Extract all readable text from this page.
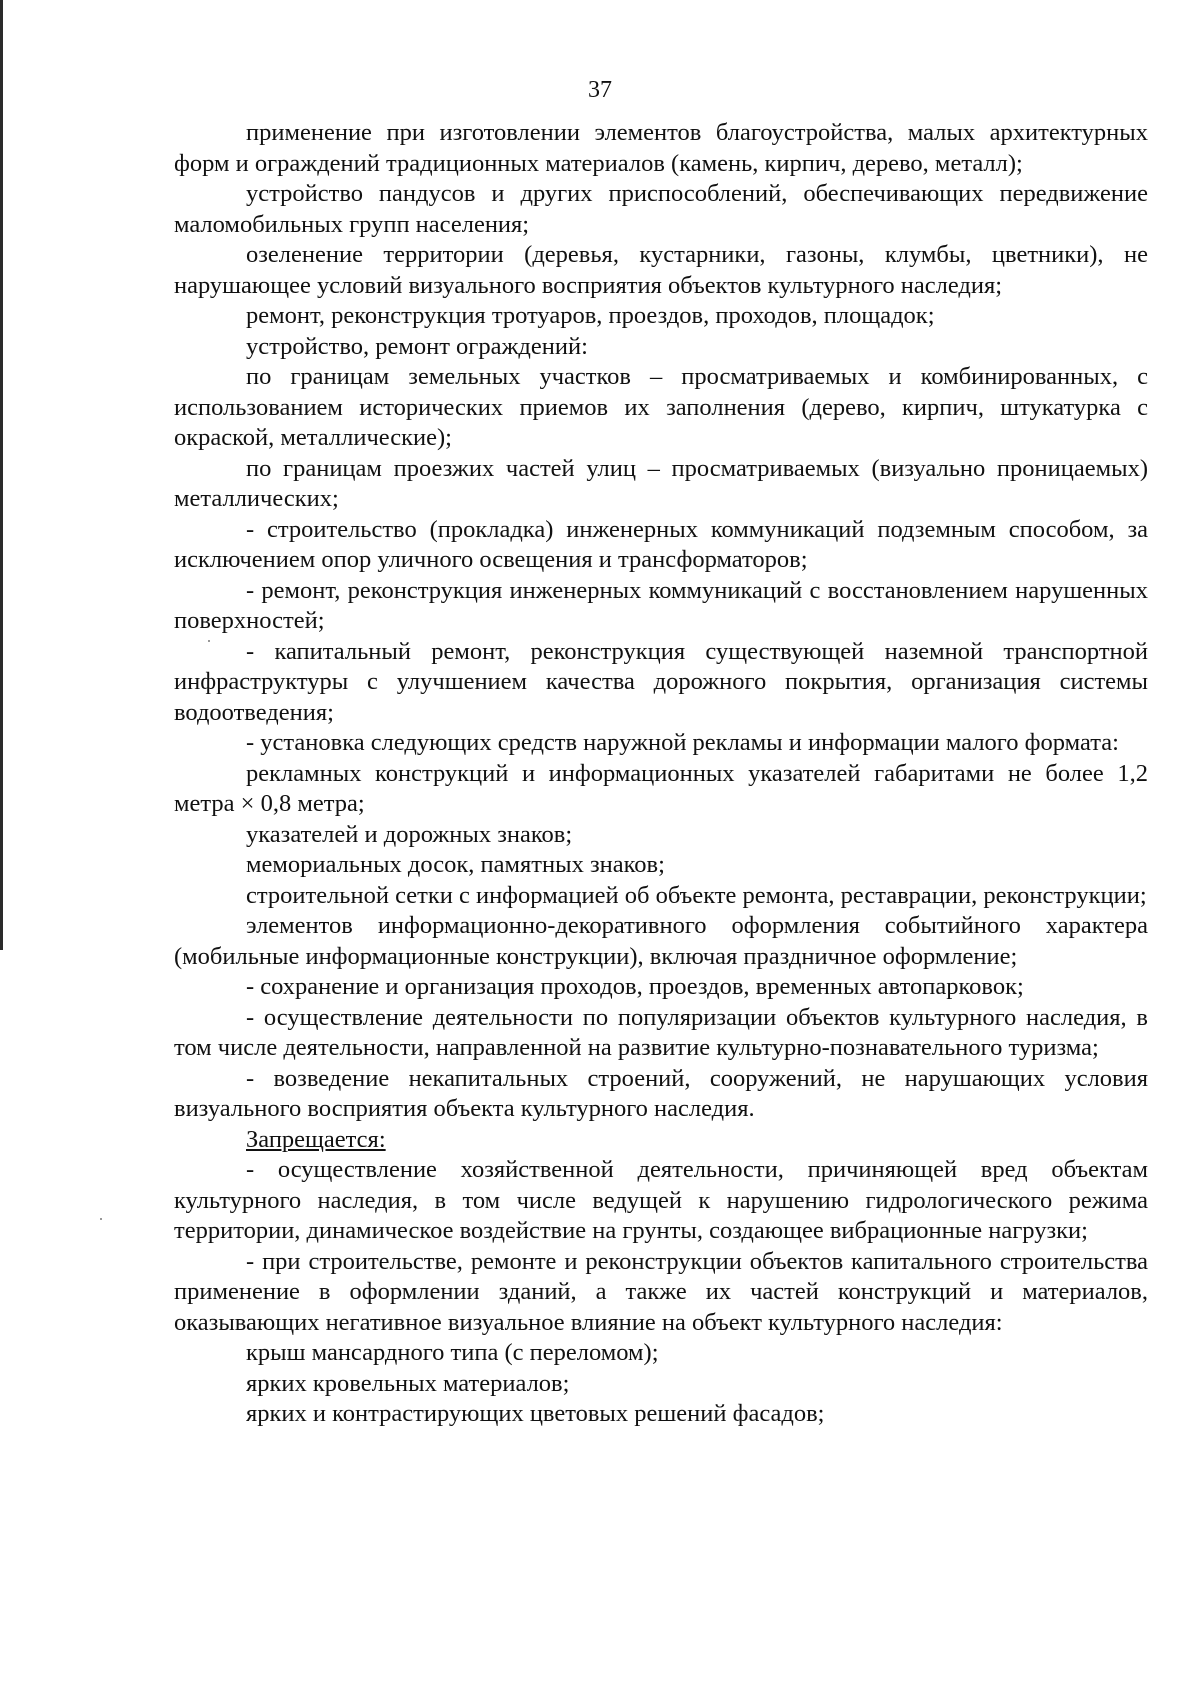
37

применение при изготовлении элементов благоустройства, малых архитектурных форм и ограждений традиционных материалов (камень, кирпич, дерево, металл);

устройство пандусов и других приспособлений, обеспечивающих передвижение маломобильных групп населения;

озеленение территории (деревья, кустарники, газоны, клумбы, цветники), не нарушающее условий визуального восприятия объектов культурного наследия;

ремонт, реконструкция тротуаров, проездов, проходов, площадок;

устройство, ремонт ограждений:

по границам земельных участков – просматриваемых и комбинированных, с использованием исторических приемов их заполнения (дерево, кирпич, штукатурка с окраской, металлические);

по границам проезжих частей улиц – просматриваемых (визуально проницаемых) металлических;

- строительство (прокладка) инженерных коммуникаций подземным способом, за исключением опор уличного освещения и трансформаторов;

- ремонт, реконструкция инженерных коммуникаций с восстановлением нарушенных поверхностей;

- капитальный ремонт, реконструкция существующей наземной транспортной инфраструктуры с улучшением качества дорожного покрытия, организация системы водоотведения;

- установка следующих средств наружной рекламы и информации малого формата:

рекламных конструкций и информационных указателей габаритами не более 1,2 метра × 0,8 метра;

указателей и дорожных знаков;

мемориальных досок, памятных знаков;

строительной сетки с информацией об объекте ремонта, реставрации, реконструкции;

элементов информационно-декоративного оформления событийного характера (мобильные информационные конструкции), включая праздничное оформление;

- сохранение и организация проходов, проездов, временных автопарковок;

- осуществление деятельности по популяризации объектов культурного наследия, в том числе деятельности, направленной на развитие культурно-познавательного туризма;

- возведение некапитальных строений, сооружений, не нарушающих условия визуального восприятия объекта культурного наследия.

Запрещается:

- осуществление хозяйственной деятельности, причиняющей вред объектам культурного наследия, в том числе ведущей к нарушению гидрологического режима территории, динамическое воздействие на грунты, создающее вибрационные нагрузки;

- при строительстве, ремонте и реконструкции объектов капитального строительства применение в оформлении зданий, а также их частей конструкций и материалов, оказывающих негативное визуальное влияние на объект культурного наследия:

крыш мансардного типа (с переломом);

ярких кровельных материалов;

ярких и контрастирующих цветовых решений фасадов;
